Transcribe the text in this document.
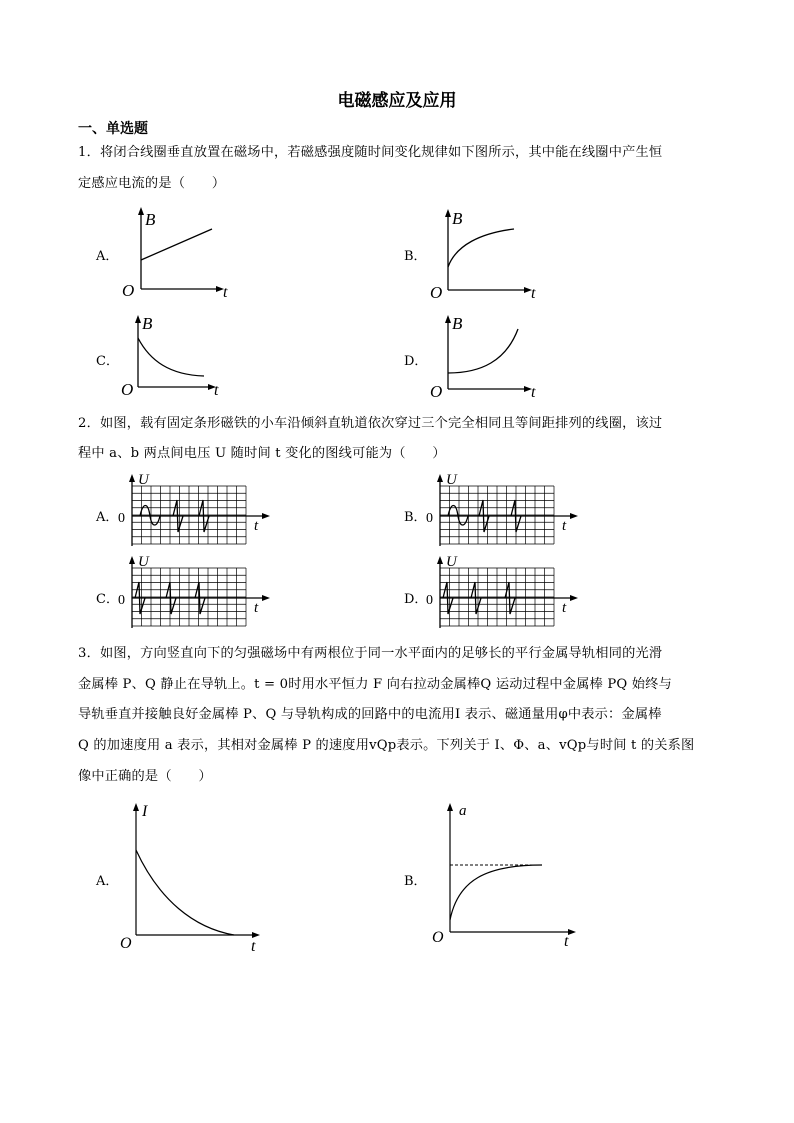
电磁感应及应用
一、单选题
1．将闭合线圈垂直放置在磁场中，若磁感强度随时间变化规律如下图所示，其中能在线圈中产生恒
定感应电流的是（　　）
A．	B．
C．	D．
B
t
O
B
t
O
B
t
O
B
t
O
2．如图，载有固定条形磁铁的小车沿倾斜直轨道依次穿过三个完全相同且等间距排列的线圈，该过
程中 a、b 两点间电压 U 随时间 t 变化的图线可能为（　　）
A．	B．
C．	D．
U
t
0
U
t
0
U
t
0
U
t
0
3．如图，方向竖直向下的匀强磁场中有两根位于同一水平面内的足够长的平行金属导轨相同的光滑
金属棒 P、Q 静止在导轨上。t = 0时用水平恒力 F 向右拉动金属棒Q 运动过程中金属棒 PQ 始终与
导轨垂直并接触良好金属棒 P、Q 与导轨构成的回路中的电流用I 表示、磁通量用φ中表示：金属棒
Q 的加速度用 a 表示，其相对金属棒 P 的速度用vQp表示。下列关于 I、Φ、a、vQp与时间 t 的关系图
像中正确的是（　　）
A．	B．
I
t
O
a
t
O
